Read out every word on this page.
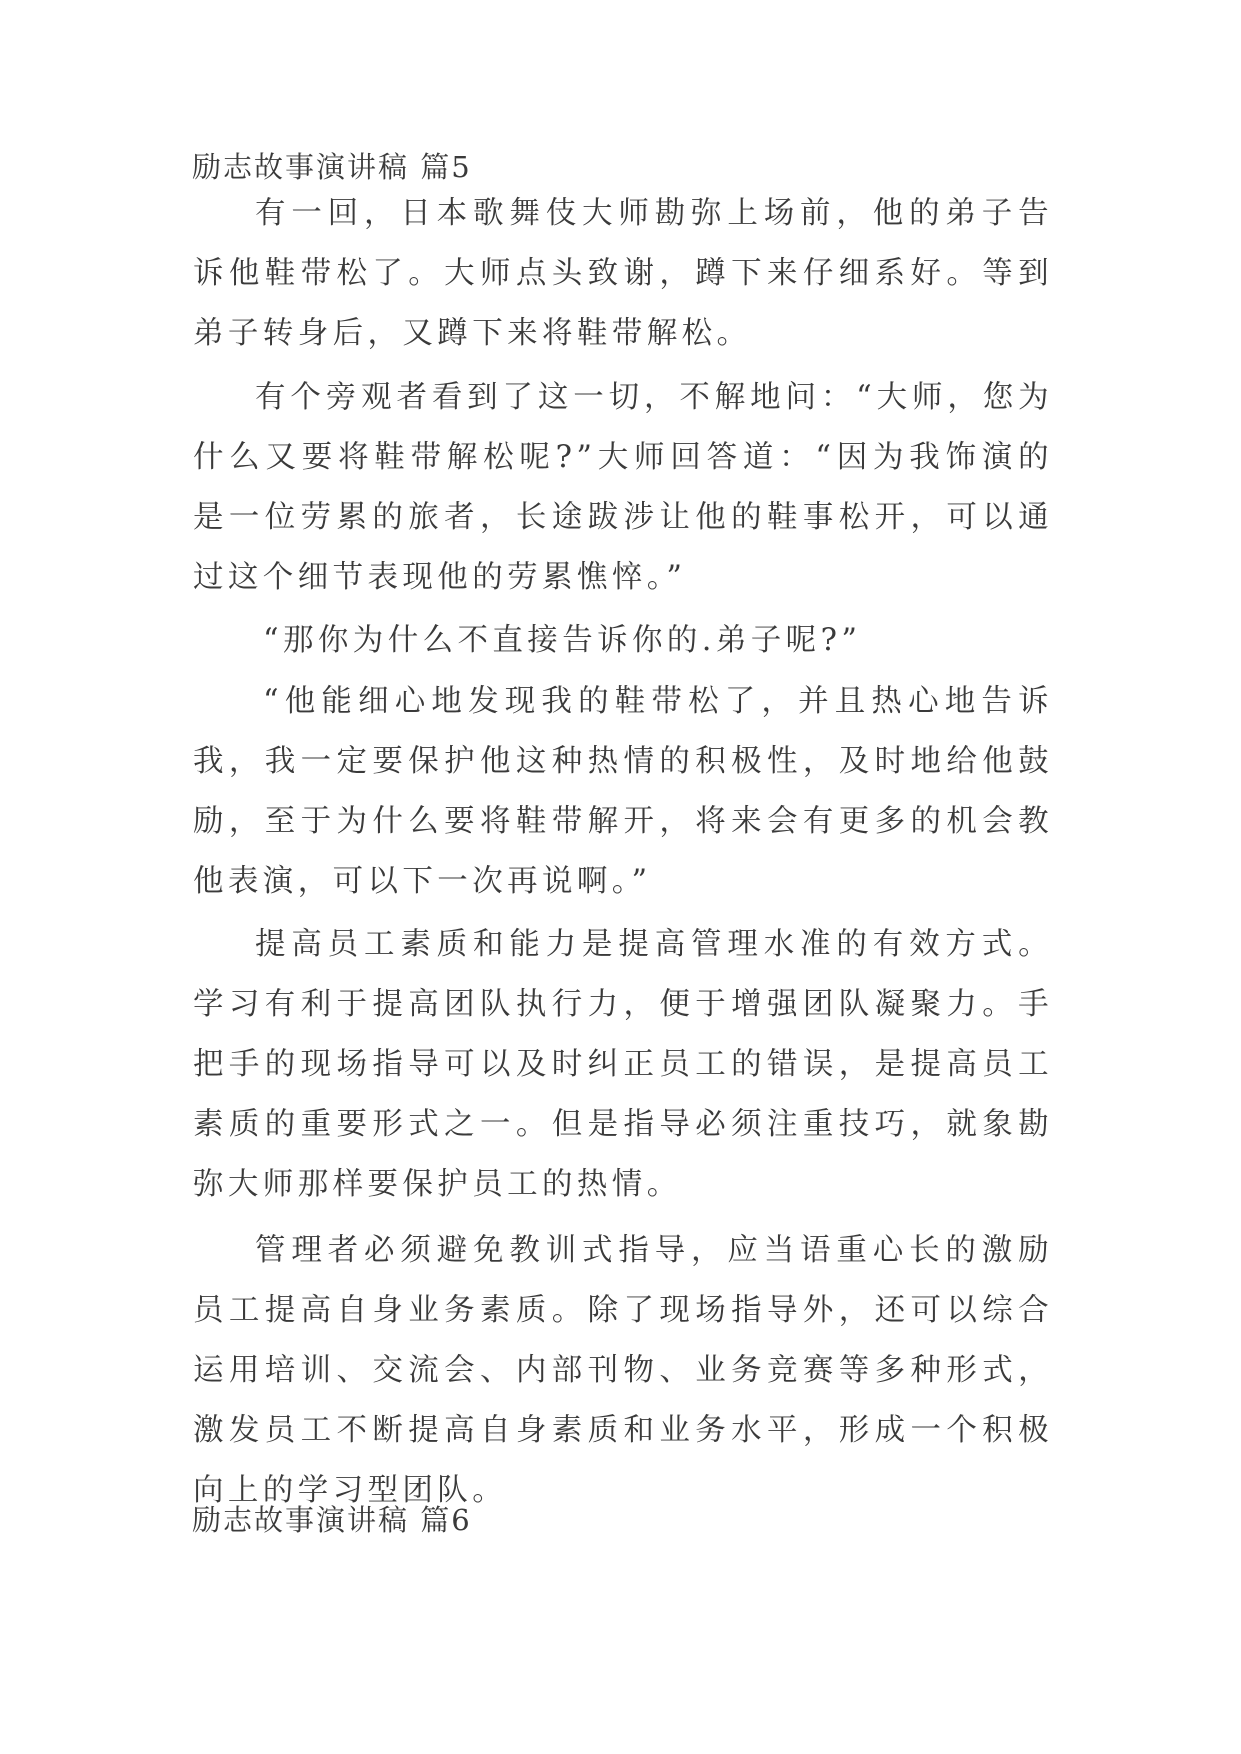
励志故事演讲稿 篇5

有一回，日本歌舞伎大师勘弥上场前，他的弟子告诉他鞋带松了。大师点头致谢，蹲下来仔细系好。等到弟子转身后，又蹲下来将鞋带解松。

有个旁观者看到了这一切，不解地问：“大师，您为什么又要将鞋带解松呢?”大师回答道：“因为我饰演的是一位劳累的旅者，长途跋涉让他的鞋事松开，可以通过这个细节表现他的劳累憔悴。”

“那你为什么不直接告诉你的.弟子呢?”

“他能细心地发现我的鞋带松了，并且热心地告诉我，我一定要保护他这种热情的积极性，及时地给他鼓励，至于为什么要将鞋带解开，将来会有更多的机会教他表演，可以下一次再说啊。”

提高员工素质和能力是提高管理水准的有效方式。学习有利于提高团队执行力，便于增强团队凝聚力。手把手的现场指导可以及时纠正员工的错误，是提高员工素质的重要形式之一。但是指导必须注重技巧，就象勘弥大师那样要保护员工的热情。

管理者必须避免教训式指导，应当语重心长的激励员工提高自身业务素质。除了现场指导外，还可以综合运用培训、交流会、内部刊物、业务竞赛等多种形式，激发员工不断提高自身素质和业务水平，形成一个积极向上的学习型团队。

励志故事演讲稿 篇6
